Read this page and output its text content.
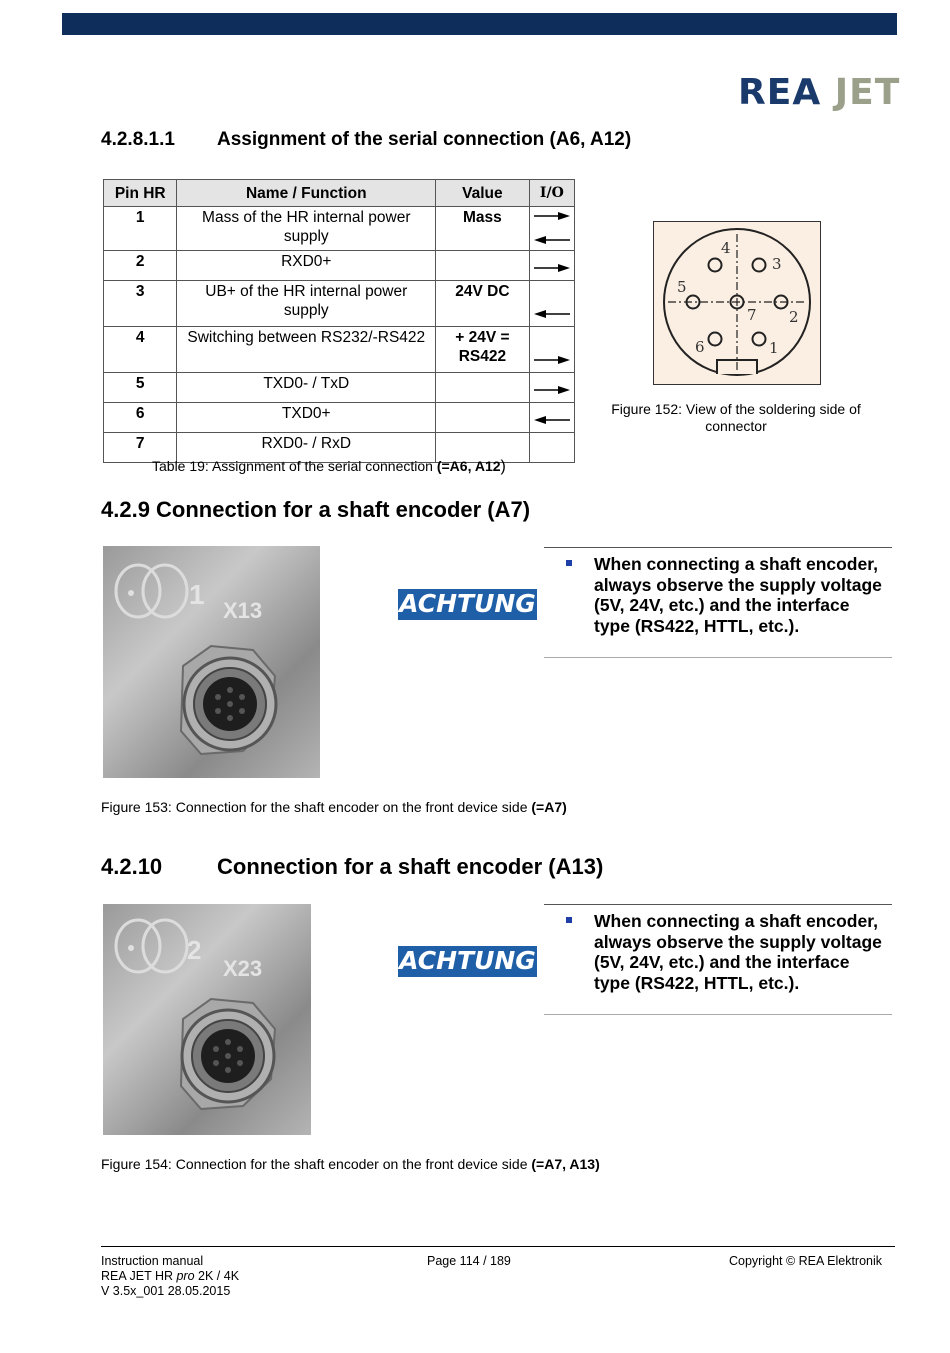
REA JET
4.2.8.1.1 Assignment of the serial connection (A6, A12)
Pin HR	Name / Function	Value	I/O
1	Mass of the HR internal power supply	Mass	
2	RXD0+		
3	UB+ of the HR internal power supply	24V DC	
4	Switching between RS232/-RS422	+ 24V = RS422	
5	TXD0- / TxD		
6	TXD0+		
7	RXD0- / RxD		
Table 19: Assignment of the serial connection (=A6, A12)
1
2
3
4
5
6
7
Figure 152: View of the soldering side of
connector
4.2.9 Connection for a shaft encoder (A7)
1
X13	ACHTUNG
When connecting a shaft encoder, always observe the supply voltage (5V, 24V, etc.) and the interface type (RS422, HTTL, etc.).
Figure 153: Connection for the shaft encoder on the front device side (=A7)
4.2.10 Connection for a shaft encoder (A13)
2
X23	ACHTUNG
When connecting a shaft encoder, always observe the supply voltage (5V, 24V, etc.) and the interface type (RS422, HTTL, etc.).
Figure 154: Connection for the shaft encoder on the front device side (=A7, A13)
Instruction manual
REA JET HR pro 2K / 4K
V 3.5x_001 28.05.2015
Page 114 / 189	Copyright © REA Elektronik
